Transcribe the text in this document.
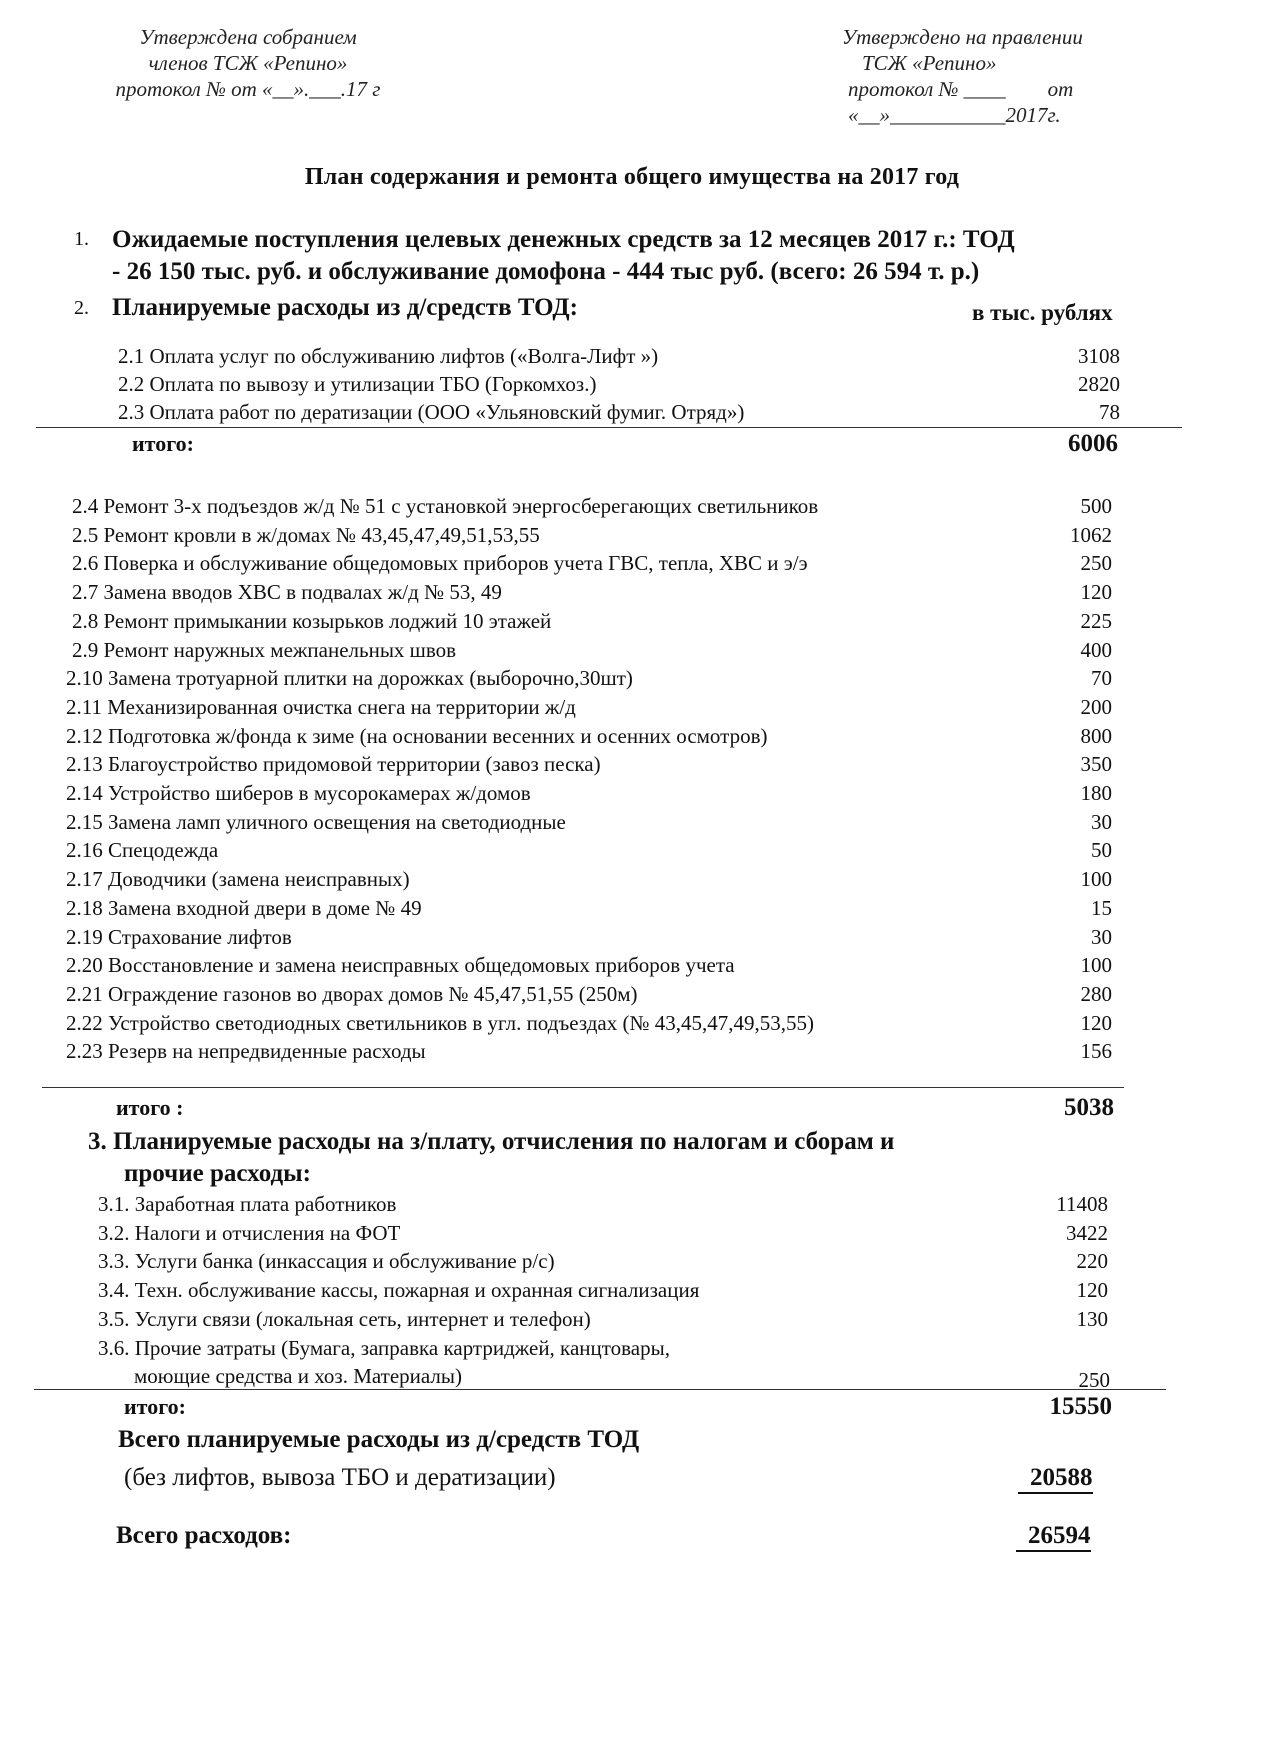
Утверждена собранием
членов ТСЖ «Репино»
протокол № от «__».___.17 г
Утверждено на правлении
ТСЖ «Репино»
протокол № ____        от
«__»___________2017г.
План содержания и ремонта общего имущества на 2017 год
1. Ожидаемые поступления целевых денежных средств за 12 месяцев 2017 г.: ТОД
- 26 150 тыс. руб. и обслуживание домофона - 444 тыс руб. (всего: 26 594 т. р.)
2. Планируемые расходы из д/средств ТОД:	в тыс. рублях
2.1 Оплата услуг по обслуживанию лифтов («Волга-Лифт »)	3108
2.2 Оплата по вывозу и утилизации ТБО (Горкомхоз.)	2820
2.3 Оплата работ по дератизации (ООО «Ульяновский фумиг. Отряд»)	78
итого:	6006
2.4 Ремонт 3-х подъездов ж/д № 51 с установкой энергосберегающих светильников	500
2.5 Ремонт кровли в ж/домах № 43,45,47,49,51,53,55	1062
2.6 Поверка и обслуживание общедомовых приборов учета ГВС, тепла, ХВС и э/э	250
2.7 Замена вводов ХВС в подвалах ж/д № 53, 49	120
2.8 Ремонт примыкании козырьков лоджий 10 этажей	225
2.9 Ремонт наружных межпанельных швов	400
2.10 Замена тротуарной плитки на дорожках (выборочно,30шт)	70
2.11 Механизированная очистка снега на территории ж/д	200
2.12 Подготовка ж/фонда к зиме (на основании весенних и осенних осмотров)	800
2.13 Благоустройство придомовой территории (завоз песка)	350
2.14 Устройство шиберов в мусорокамерах ж/домов	180
2.15 Замена ламп уличного освещения на светодиодные	30
2.16 Спецодежда	50
2.17 Доводчики (замена неисправных)	100
2.18 Замена входной двери в доме № 49	15
2.19 Страхование лифтов	30
2.20 Восстановление и замена неисправных общедомовых приборов учета	100
2.21 Ограждение газонов во дворах домов № 45,47,51,55 (250м)	280
2.22 Устройство светодиодных светильников в угл. подъездах (№ 43,45,47,49,53,55)	120
2.23 Резерв на непредвиденные расходы	156
итого :	5038
3. Планируемые расходы на з/плату, отчисления по налогам и сборам и
прочие расходы:
3.1. Заработная плата работников	11408
3.2. Налоги и отчисления на ФОТ	3422
3.3. Услуги банка (инкассация и обслуживание р/с)	220
3.4. Техн. обслуживание кассы, пожарная и охранная сигнализация	120
3.5. Услуги связи (локальная сеть, интернет и телефон)	130
3.6. Прочие затраты (Бумага, заправка картриджей, канцтовары,
моющие средства и хоз. Материалы)	250
итого:	15550
Всего планируемые расходы из д/средств ТОД
(без лифтов, вывоза ТБО и дератизации)	20588
Всего расходов:	26594
